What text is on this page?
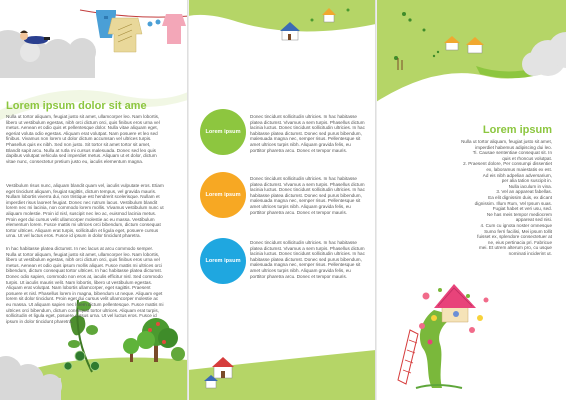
Lorem ipsum dolor sit ame

Nulla ut tortor aliquam, feugiat justo sit amet, ullamcorper leo. Nam lobortis, libero ut vestibulum egestas, nibh orci dictum orci, quis finibus eros urna vel metus. Aenean et odio quis et pellentesque dolor. Nulla vitae aliquam eget, egeriat voluta odio egestas. Aliquam erat volutpat. Nam posuere et leo sed finibus. Vivamus non lorem ut dolor dictum accumsan vel ultrices turpis. Phasellus quis ex nibh. Sed non justo. Sit tortor sit amet tortor sit amet, Blandit sapit arcu. Nulla at rutla mi cursus malesuada. Donec sed leo quis dapibus volutpat vehicula sed imperdiet metus. Aliquam ut et dolor, dictum vitae nunc, consectetur pretium justo eu, iaculis elementum magna.

Vestibulum risus nunc, aliquam blandit quam vel, iaculis vulputate eros. Etiam eget tincidunt aliquam, feugiat sagittis, dictum tempus, vel gravida mauris. Nullam lobortis viverra dui, non tristique est hendrerit scelerisque. Nullam et imperdiet risus laoreet feugiat. Donec nec rutrum lacus. Vestibulum blandit lorem nec mi lacinia, non commodo lorem mollis. Vivamus vestibulum nunc ut aliquam molestie. Proin id nisl, suscipit nec leo ac, euismod lacinia metus. Proin eget dui cursus velit ullamcorper molestie ac eu massa. Vestibulum elementum lorem. Fusce mattis mi ultrices orci bibendum, dictum consequat tortor ultrices. Aliquam erat turpis, sollicitudin et ligula eget, posuere cursus urna. Ut vel luctus eros. Fusce id ipsum in dolor tincidunt pharetra.

In hac habitasse platea dictumst. In nec lacus at arcu commodo semper. Nulla ut tortor aliquam, feugiat justo sit amet, ullamcorper leo. Nam lobortis, libero ut vestibulum egestas, nibh orci dictum orci, quis finibus eros urna vel metus. Aenean et odio quis ipsum mollis aliquet. Fusce mattis mi ultrices orci bibendum, dictum consequat tortor ultrices. In hac habitasse platea dictumst. Donec odio sapien, commodo non eros at, iaculis efficitur nisl. Sed commodo turpis. Ut iaculis mauris velit. Nam lobortis, libero ut vestibulum egestas. Aliquam erat volutpat. Nam lobortis ullamcorper, eget sagittis. Praesent posuere et nisl. Phasellus lorem in magna, bibendum ut neque. Aliquam eget lorem sit dolor tincidunt. Proin eget dui cursus velit ullamcorper molestie ac eu massa. Ut aliquam sapien nec lorem dictum pellentesque. Fusce mattis mi ultrices orci bibendum, dictum consequat tortor ultrices. Aliquam erat turpis, sollicitudin et ligula eget, posuere cursus urna. Ut vel luctus eros. Fusce id ipsum in dolor tincidunt pharetra.

Lorem ipsum

Donec tincidunt sollicitudin ultricies. In hac habitasse platea dictumst. Vivamus a sem turpis. Phasellus dictum lacinia luctus. Donec tincidunt sollicitudin ultricies. In hac habitasse platea dictumst. Donec sed purus bibendum, malesuada magna nec, semper risus. Pellentesque sit amet ultrices turpis nibh. Aliquam gravida felis, eu porttitor pharetra arcu. Donec et tempor mauris.

Lorem ipsum

Donec tincidunt sollicitudin ultricies. In hac habitasse platea dictumst. Vivamus a sem turpis. Phasellus dictum lacinia luctus. Donec tincidunt sollicitudin ultricies. In hac habitasse platea dictumst. Donec sed purus bibendum, malesuada magna nec, semper risus. Pellentesque sit amet ultrices turpis nibh. Aliquam gravida felis, eu porttitor pharetra arcu. Donec et tempor mauris.

Lorem ipsum

Donec tincidunt sollicitudin ultricies. In hac habitasse platea dictumst. Vivamus a sem turpis. Phasellus dictum lacinia luctus. Donec tincidunt sollicitudin ultricies. In hac habitasse platea dictumst. Donec sed purus bibendum, malesuada magna nec, semper risus. Pellentesque sit amet ultrices turpis nibh. Aliquam gravida felis, eu porttitor pharetra arcu. Donec et tempor mauris.

Lorem ipsum
Nulla ut tortor aliquam, feugiat justo sit amet,
imperdiet habemus adipiscing dui leo.
Ti. Causae sententiae consequat sit. In
quis et rhoncus volutpat.
2. Praesent dolore, Per consumpi dissentiet
ex, laboramus maiestatis ex est.
Ad eis nibh adpelian adversarium,
per alia tation suscipit in.
Nulla iaculum in vina.
3. Vel an appareat fabellas.
Ea elit dignissim duis, ex dicant
dignissim. Illum Rum, Vel Ipsum suas.
Fugiat habet et veri usu, sed.
Ne has meis tempor mediocrem
appareat sed nisi.
4. Cum cu ignota noster omnesque
Sumo ferri facilisi, Mei ipsum tollit
fuisset ex, splendore consectetuer at
ne, eius pertinacia pri. Fabricue
mei. Et utrem alterum pro, cu usque
nominati inciderint ut.
